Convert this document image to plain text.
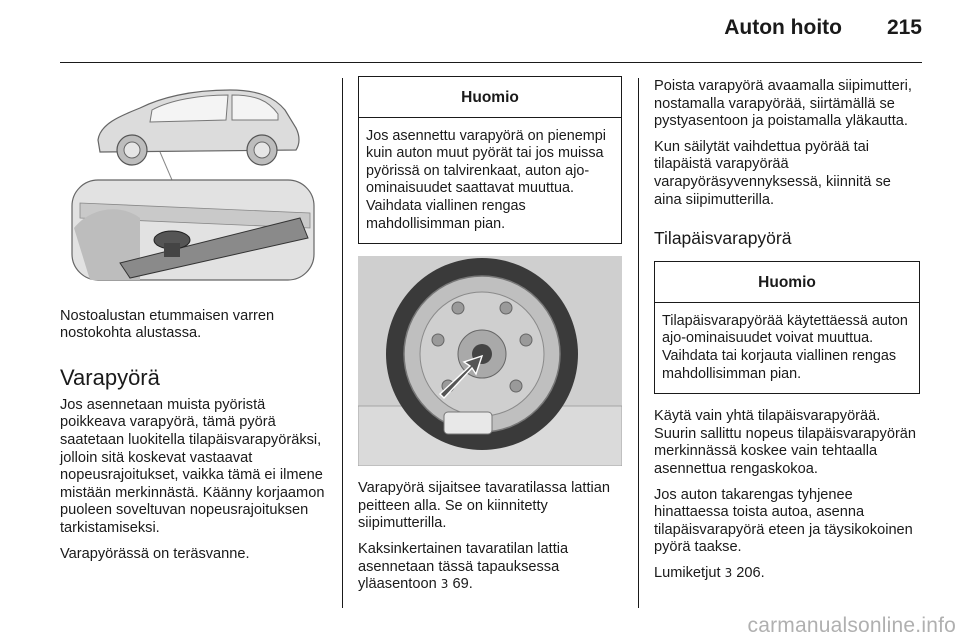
Auton hoito 215

Nostoalustan etummaisen varren nostokohta alustassa.

Varapyörä

Jos asennetaan muista pyöristä poikkeava varapyörä, tämä pyörä saatetaan luokitella tilapäisvarapyöräksi, jolloin sitä koskevat vastaavat nopeusrajoitukset, vaikka tämä ei ilmene mistään merkinnästä. Käänny korjaamon puoleen soveltuvan nopeusrajoituksen tarkistamiseksi.

Varapyörässä on teräsvanne.

Huomio
Jos asennettu varapyörä on pienempi kuin auton muut pyörät tai jos muissa pyörissä on talvirenkaat, auton ajo-ominaisuudet saattavat muuttua. Vaihdata viallinen rengas mahdollisimman pian.

Varapyörä sijaitsee tavaratilassa lattian peitteen alla. Se on kiinnitetty siipimutterilla.

Kaksinkertainen tavaratilan lattia asennetaan tässä tapauksessa yläasentoon 3 69.

Poista varapyörä avaamalla siipimutteri, nostamalla varapyörää, siirtämällä se pystyasentoon ja poistamalla yläkautta.

Kun säilytät vaihdettua pyörää tai tilapäistä varapyörää varapyöräsyvennyksessä, kiinnitä se aina siipimutterilla.

Tilapäisvarapyörä
Huomio
Tilapäisvarapyörää käytettäessä auton ajo-ominaisuudet voivat muuttua. Vaihdata tai korjauta viallinen rengas mahdollisimman pian.

Käytä vain yhtä tilapäisvarapyörää. Suurin sallittu nopeus tilapäisvarapyörän merkinnässä koskee vain tehtaalla asennettua rengaskokoa.

Jos auton takarengas tyhjenee hinattaessa toista autoa, asenna tilapäisvarapyörä eteen ja täysikokoinen pyörä taakse.

Lumiketjut 3 206.

carmanualsonline.info
